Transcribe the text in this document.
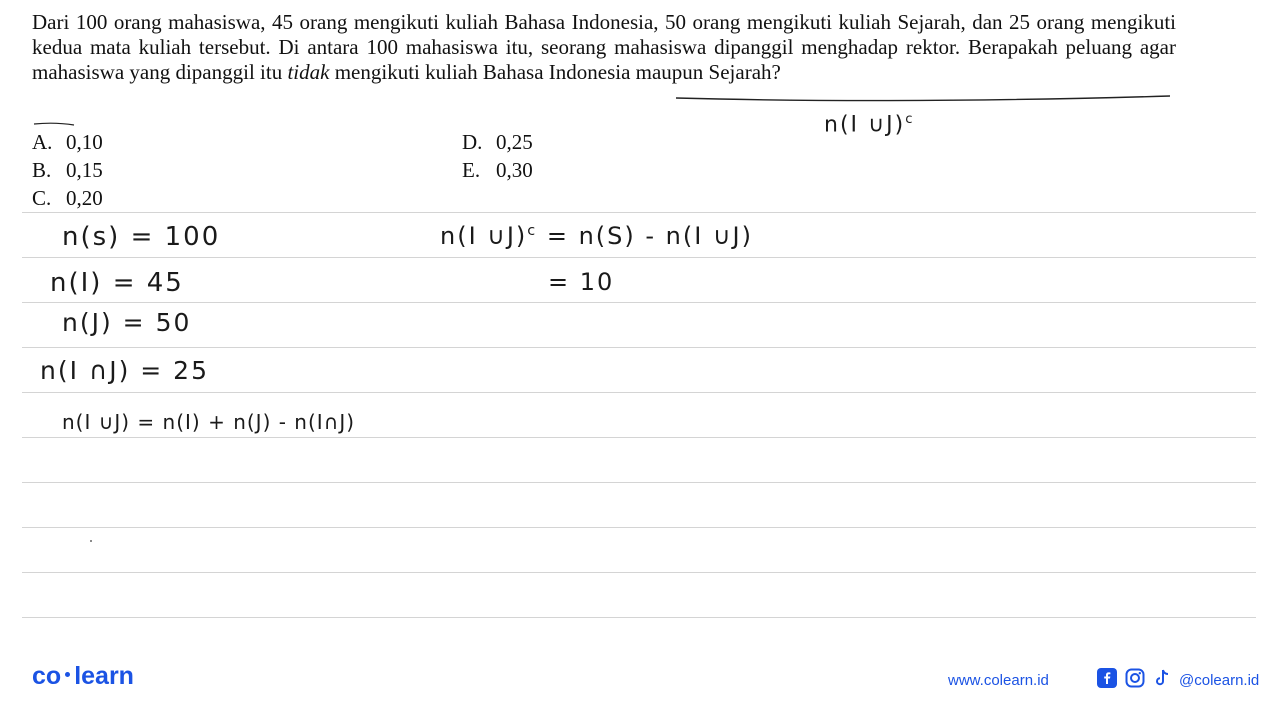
Dari 100 orang mahasiswa, 45 orang mengikuti kuliah Bahasa Indonesia, 50 orang mengikuti kuliah Sejarah, dan 25 orang mengikuti kedua mata kuliah tersebut. Di antara 100 mahasiswa itu, seorang mahasiswa dipanggil menghadap rektor. Berapakah peluang agar mahasiswa yang dipanggil itu tidak mengikuti kuliah Bahasa Indonesia maupun Sejarah?

A. 0,10
B. 0,15
C. 0,20
D. 0,25
E. 0,30
n(I ∪J)$^c$
n(s) = 100
n(I) = 45
n(J) = 50
n(I ∩J) = 25
n(I ∪J) = n(I) + n(J) - n(I∩J)
n(I ∪J)$^c$ = n(S) - n(I ∪J)
= 10
co learn	www.colearn.id	@colearn.id
